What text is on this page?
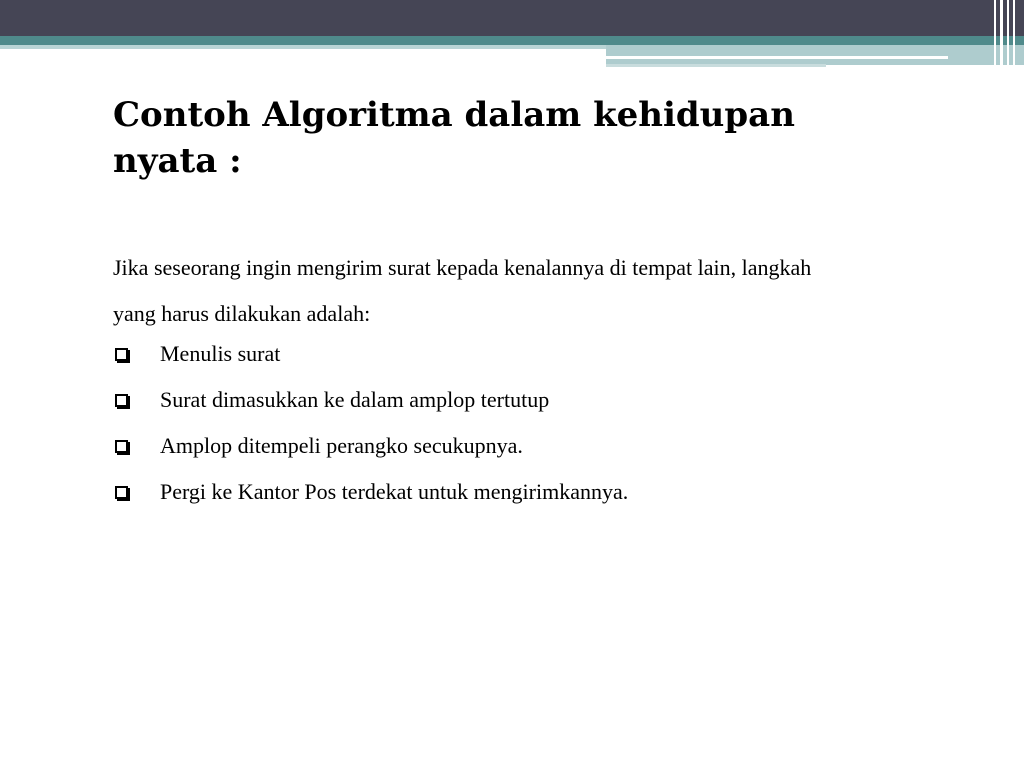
Contoh Algoritma dalam kehidupan nyata :

Jika seseorang ingin mengirim surat kepada kenalannya di tempat lain, langkah yang harus dilakukan adalah:

Menulis surat
Surat dimasukkan ke dalam amplop tertutup
Amplop ditempeli perangko secukupnya.
Pergi ke Kantor Pos terdekat untuk mengirimkannya.
